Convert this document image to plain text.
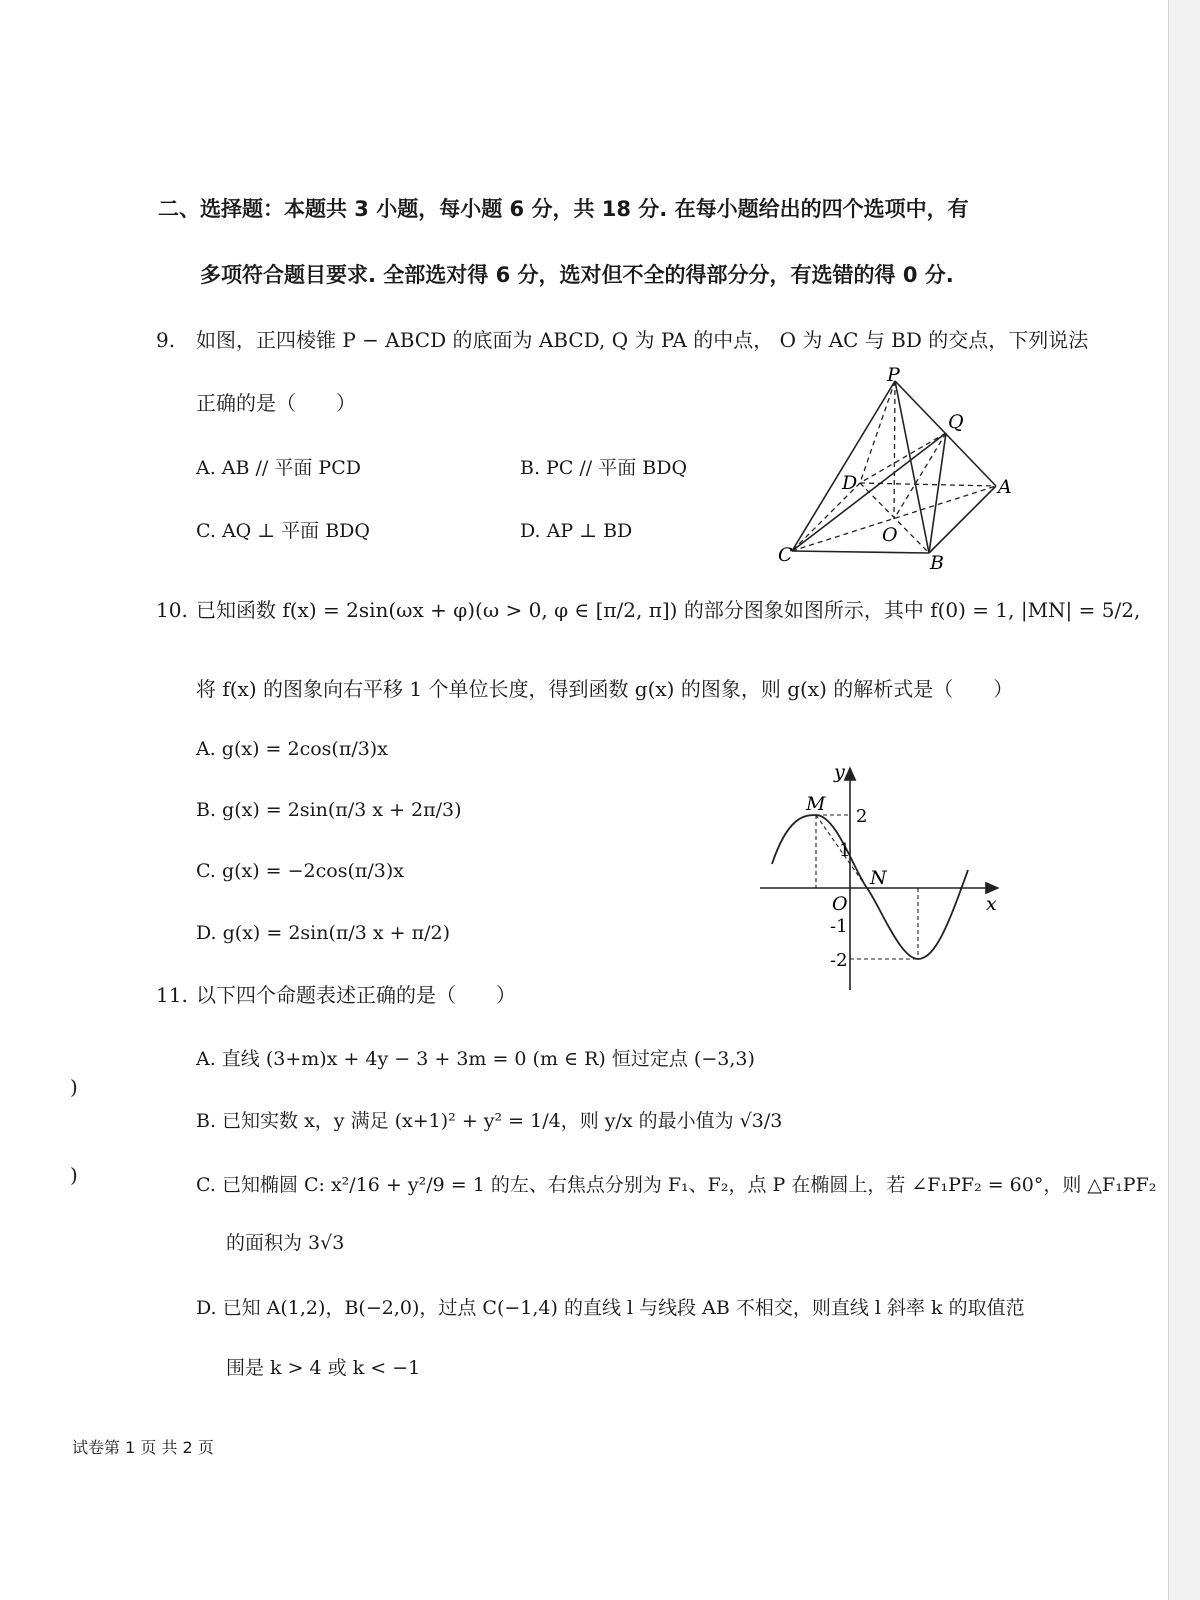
二、选择题：本题共 3 小题，每小题 6 分，共 18 分. 在每小题给出的四个选项中，有
多项符合题目要求. 全部选对得 6 分，选对但不全的得部分分，有选错的得 0 分.
9. 如图，正四棱锥 P − ABCD 的底面为 ABCD, Q 为 PA 的中点， O 为 AC 与 BD 的交点，下列说法
正确的是（　　）
A. AB // 平面 PCD	B. PC // 平面 BDQ
C. AQ ⊥ 平面 BDQ	D. AP ⊥ BD
P
Q
D	A
O
C	B
10. 已知函数 f(x) = 2sin(ωx + φ)(ω > 0, φ ∈ [π/2, π]) 的部分图象如图所示，其中 f(0) = 1, |MN| = 5/2,
将 f(x) 的图象向右平移 1 个单位长度，得到函数 g(x) 的图象，则 g(x) 的解析式是（　　）
A. g(x) = 2cos(π/3)x
B. g(x) = 2sin(π/3 x + 2π/3)
C. g(x) = −2cos(π/3)x
D. g(x) = 2sin(π/3 x + π/2)
y
x
M
N
O
2
1
-1
-2
11. 以下四个命题表述正确的是（　　）
A. 直线 (3+m)x + 4y − 3 + 3m = 0 (m ∈ R) 恒过定点 (−3,3)
B. 已知实数 x，y 满足 (x+1)² + y² = 1/4，则 y/x 的最小值为 √3/3
C. 已知椭圆 C: x²/16 + y²/9 = 1 的左、右焦点分别为 F₁、F₂，点 P 在椭圆上，若 ∠F₁PF₂ = 60°，则 △F₁PF₂
的面积为 3√3
D. 已知 A(1,2)，B(−2,0)，过点 C(−1,4) 的直线 l 与线段 AB 不相交，则直线 l 斜率 k 的取值范
围是 k > 4 或 k < −1
)
)
试卷第 1 页 共 2 页
